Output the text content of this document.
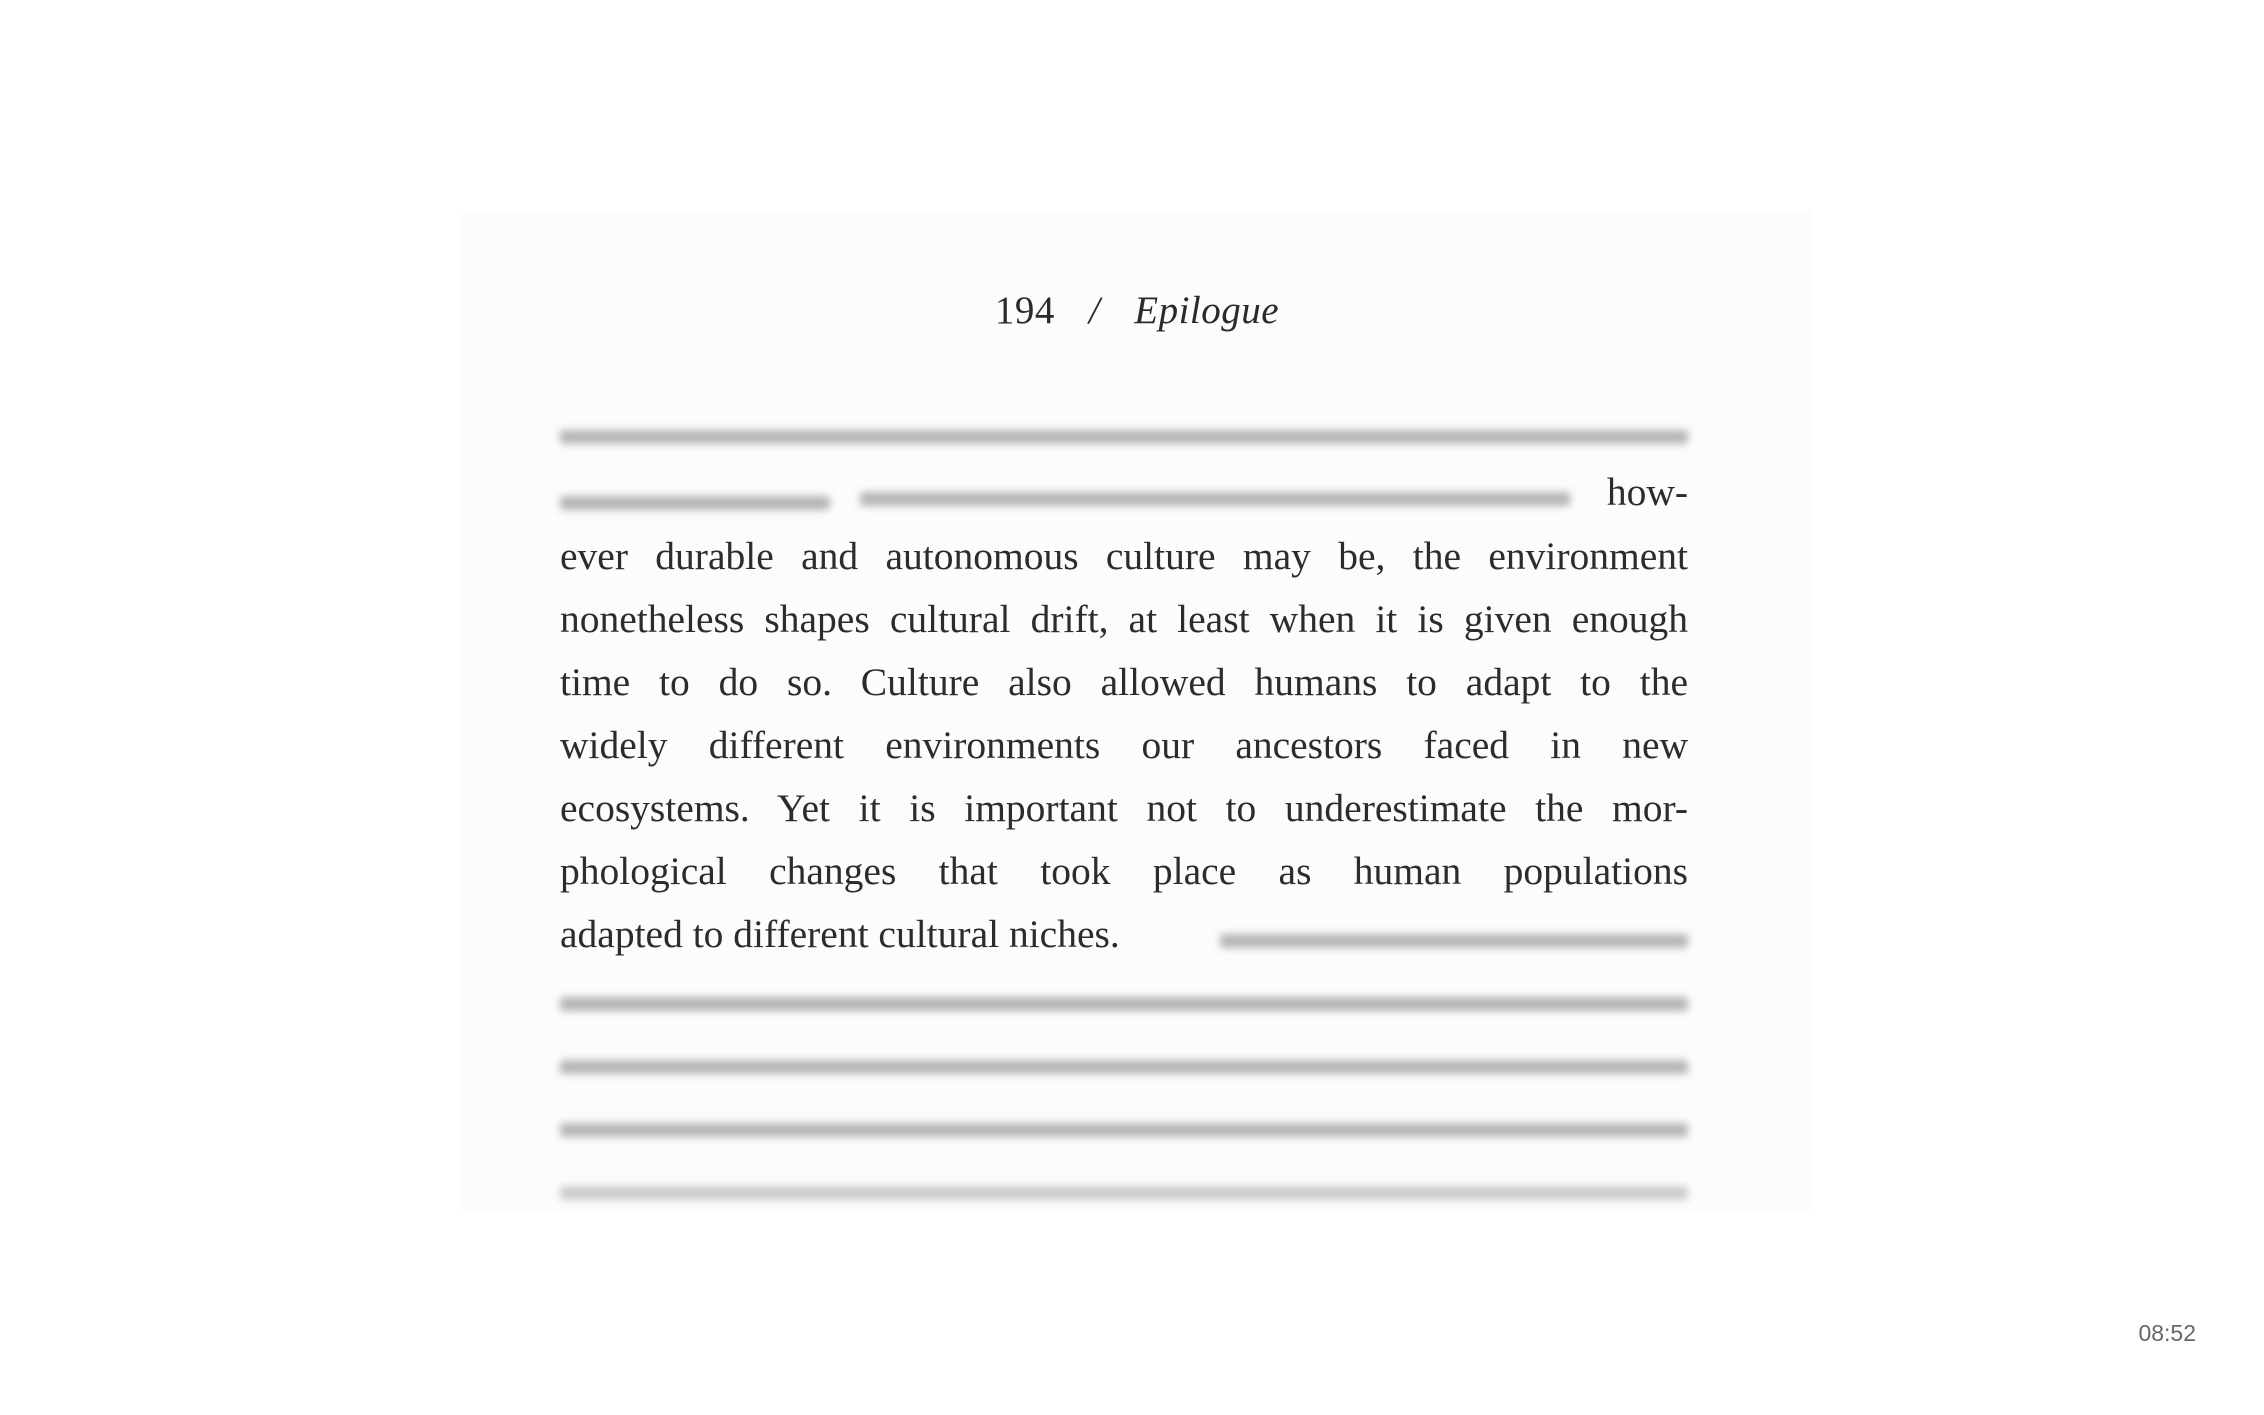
194 / Epilogue
how-
ever durable and autonomous culture may be, the environment
nonetheless shapes cultural drift, at least when it is given enough
time to do so. Culture also allowed humans to adapt to the
widely different environments our ancestors faced in new
ecosystems. Yet it is important not to underestimate the mor-
phological changes that took place as human populations
adapted to different cultural niches.
08:52
